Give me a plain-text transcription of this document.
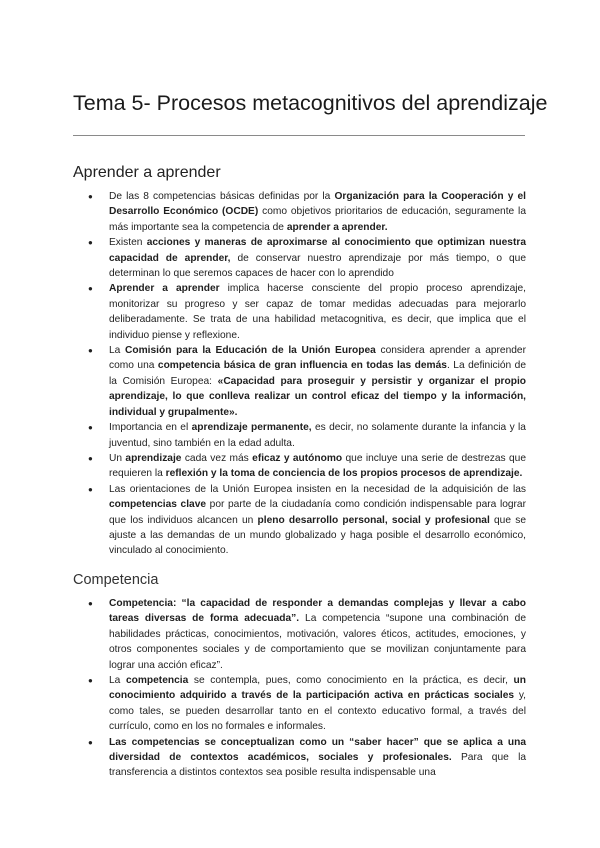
Tema 5- Procesos metacognitivos del aprendizaje
Aprender a aprender
● De las 8 competencias básicas definidas por la Organización para la Cooperación y el Desarrollo Económico (OCDE) como objetivos prioritarios de educación, seguramente la más importante sea la competencia de aprender a aprender.
● Existen acciones y maneras de aproximarse al conocimiento que optimizan nuestra capacidad de aprender, de conservar nuestro aprendizaje por más tiempo, o que determinan lo que seremos capaces de hacer con lo aprendido
● Aprender a aprender implica hacerse consciente del propio proceso aprendizaje, monitorizar su progreso y ser capaz de tomar medidas adecuadas para mejorarlo deliberadamente. Se trata de una habilidad metacognitiva, es decir, que implica que el individuo piense y reflexione.
● La Comisión para la Educación de la Unión Europea considera aprender a aprender como una competencia básica de gran influencia en todas las demás. La definición de la Comisión Europea: «Capacidad para proseguir y persistir y organizar el propio aprendizaje, lo que conlleva realizar un control eficaz del tiempo y la información, individual y grupalmente».
● Importancia en el aprendizaje permanente, es decir, no solamente durante la infancia y la juventud, sino también en la edad adulta.
● Un aprendizaje cada vez más eficaz y autónomo que incluye una serie de destrezas que requieren la reflexión y la toma de conciencia de los propios procesos de aprendizaje.
● Las orientaciones de la Unión Europea insisten en la necesidad de la adquisición de las competencias clave por parte de la ciudadanía como condición indispensable para lograr que los individuos alcancen un pleno desarrollo personal, social y profesional que se ajuste a las demandas de un mundo globalizado y haga posible el desarrollo económico, vinculado al conocimiento.
Competencia
● Competencia: “la capacidad de responder a demandas complejas y llevar a cabo tareas diversas de forma adecuada”. La competencia “supone una combinación de habilidades prácticas, conocimientos, motivación, valores éticos, actitudes, emociones, y otros componentes sociales y de comportamiento que se movilizan conjuntamente para lograr una acción eficaz”.
● La competencia se contempla, pues, como conocimiento en la práctica, es decir, un conocimiento adquirido a través de la participación activa en prácticas sociales y, como tales, se pueden desarrollar tanto en el contexto educativo formal, a través del currículo, como en los no formales e informales.
● Las competencias se conceptualizan como un “saber hacer” que se aplica a una diversidad de contextos académicos, sociales y profesionales. Para que la transferencia a distintos contextos sea posible resulta indispensable una
